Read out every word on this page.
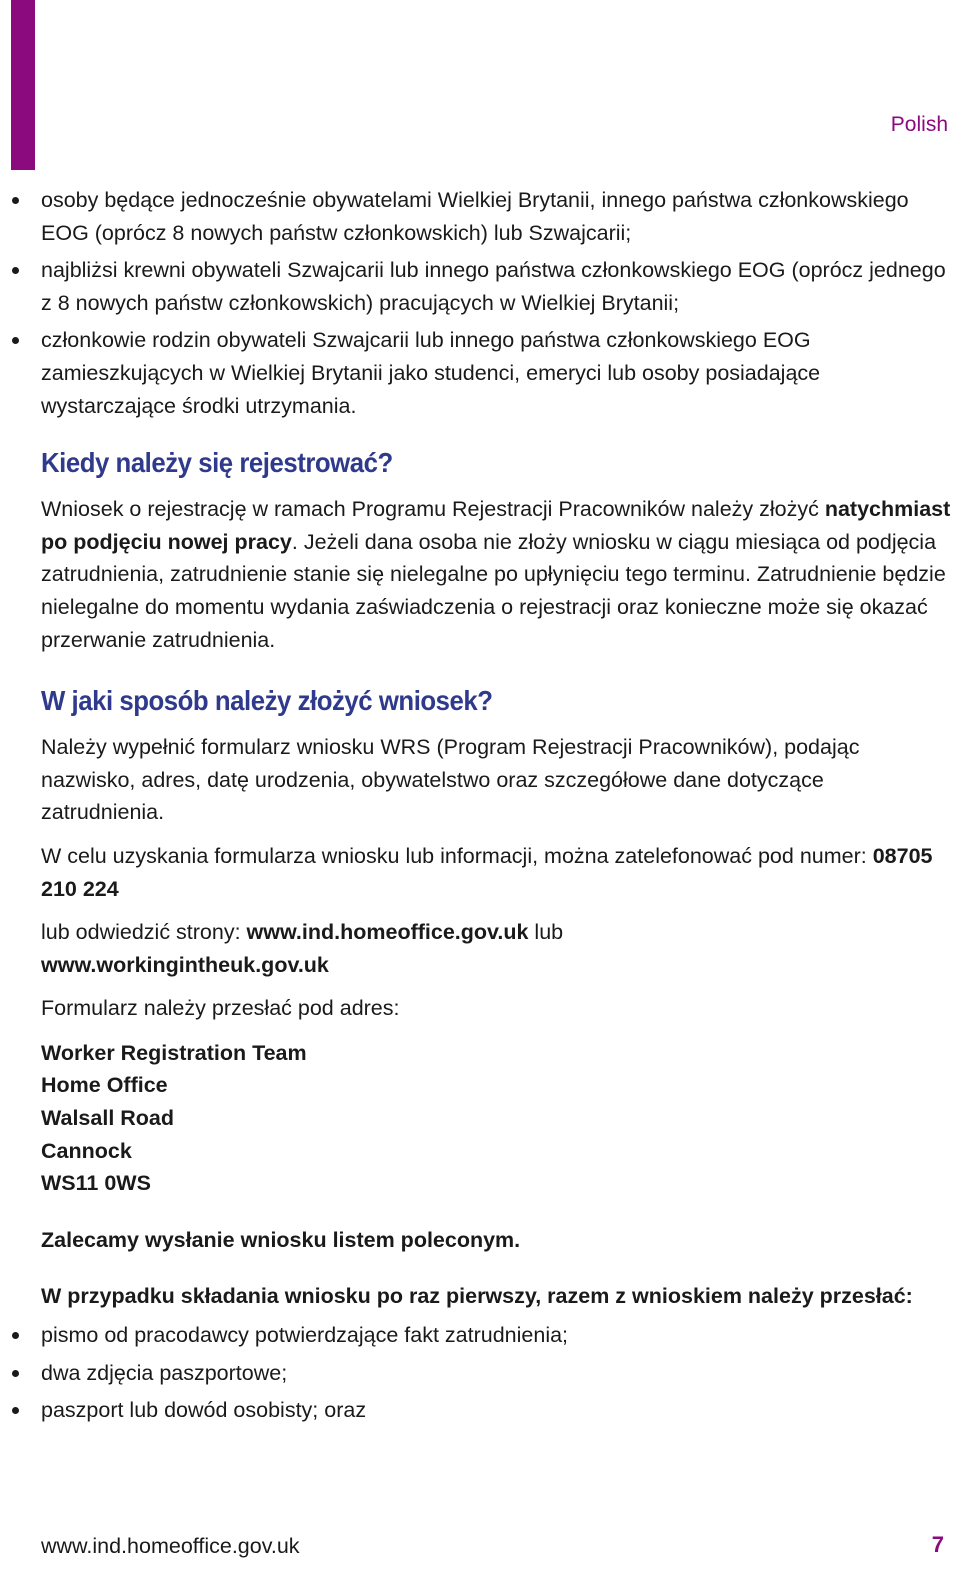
Polish
osoby będące jednocześnie obywatelami Wielkiej Brytanii, innego państwa członkowskiego EOG (oprócz 8 nowych państw członkowskich) lub Szwajcarii;
najbliżsi krewni obywateli Szwajcarii lub innego państwa członkowskiego EOG (oprócz jednego z 8 nowych państw członkowskich) pracujących w Wielkiej Brytanii;
członkowie rodzin obywateli Szwajcarii lub innego państwa członkowskiego EOG zamieszkujących w Wielkiej Brytanii jako studenci, emeryci lub osoby posiadające wystarczające środki utrzymania.
Kiedy należy się rejestrować?

Wniosek o rejestrację w ramach Programu Rejestracji Pracowników należy złożyć natychmiast po podjęciu nowej pracy. Jeżeli dana osoba nie złoży wniosku w ciągu miesiąca od podjęcia zatrudnienia, zatrudnienie stanie się nielegalne po upłynięciu tego terminu. Zatrudnienie będzie nielegalne do momentu wydania zaświadczenia o rejestracji oraz konieczne może się okazać przerwanie zatrudnienia.

W jaki sposób należy złożyć wniosek?

Należy wypełnić formularz wniosku WRS (Program Rejestracji Pracowników), podając nazwisko, adres, datę urodzenia, obywatelstwo oraz szczegółowe dane dotyczące zatrudnienia.

W celu uzyskania formularza wniosku lub informacji, można zatelefonować pod numer: 08705 210 224

lub odwiedzić strony: www.ind.homeoffice.gov.uk lub
www.workingintheuk.gov.uk

Formularz należy przesłać pod adres:

Worker Registration Team
Home Office
Walsall Road
Cannock
WS11 0WS

Zalecamy wysłanie wniosku listem poleconym.

W przypadku składania wniosku po raz pierwszy, razem z wnioskiem należy przesłać:

pismo od pracodawcy potwierdzające fakt zatrudnienia;
dwa zdjęcia paszportowe;
paszport lub dowód osobisty; oraz
www.ind.homeoffice.gov.uk	7
